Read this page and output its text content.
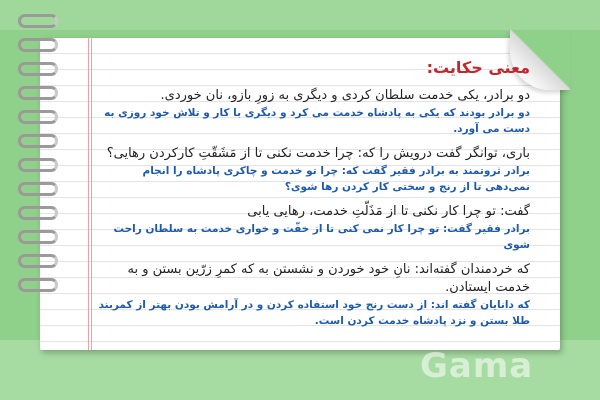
معنی حکایت:

دو برادر، یکی خدمت سلطان کردی و دیگری به زورِ بازو، نان خوردی.

دو برادر بودند که یکی به پادشاه خدمت می کرد و دیگری با کار و تلاش خود روزی به دست می آورد.

باری، توانگر گفت درویش را که: چرا خدمت نکنی تا از مَشَقّتِ کارکردن رهایی؟

برادر ثروتمند به برادر فقیر گفت که: چرا تو خدمت و چاکری پادشاه را انجام نمی‌دهی تا از رنج و سختی کار کردن رها شوی؟

گفت: تو چرا کار نکنی تا از مَذَلّتِ خدمت، رهایی یابی

برادر فقیر گفت: تو چرا کار نمی کنی تا از خفّت و خواری خدمت به سلطان راحت شوی

که خردمندان گفته‌اند: نانِ خود خوردن و نشستن به که کمرِ زرّین بستن و به خدمت ایستادن.

که دانایان گفته اند: از دست رنج خود استفاده کردن و در آرامش بودن بهتر از کمربند طلا بستن و نزد پادشاه خدمت کردن است.

Gama
